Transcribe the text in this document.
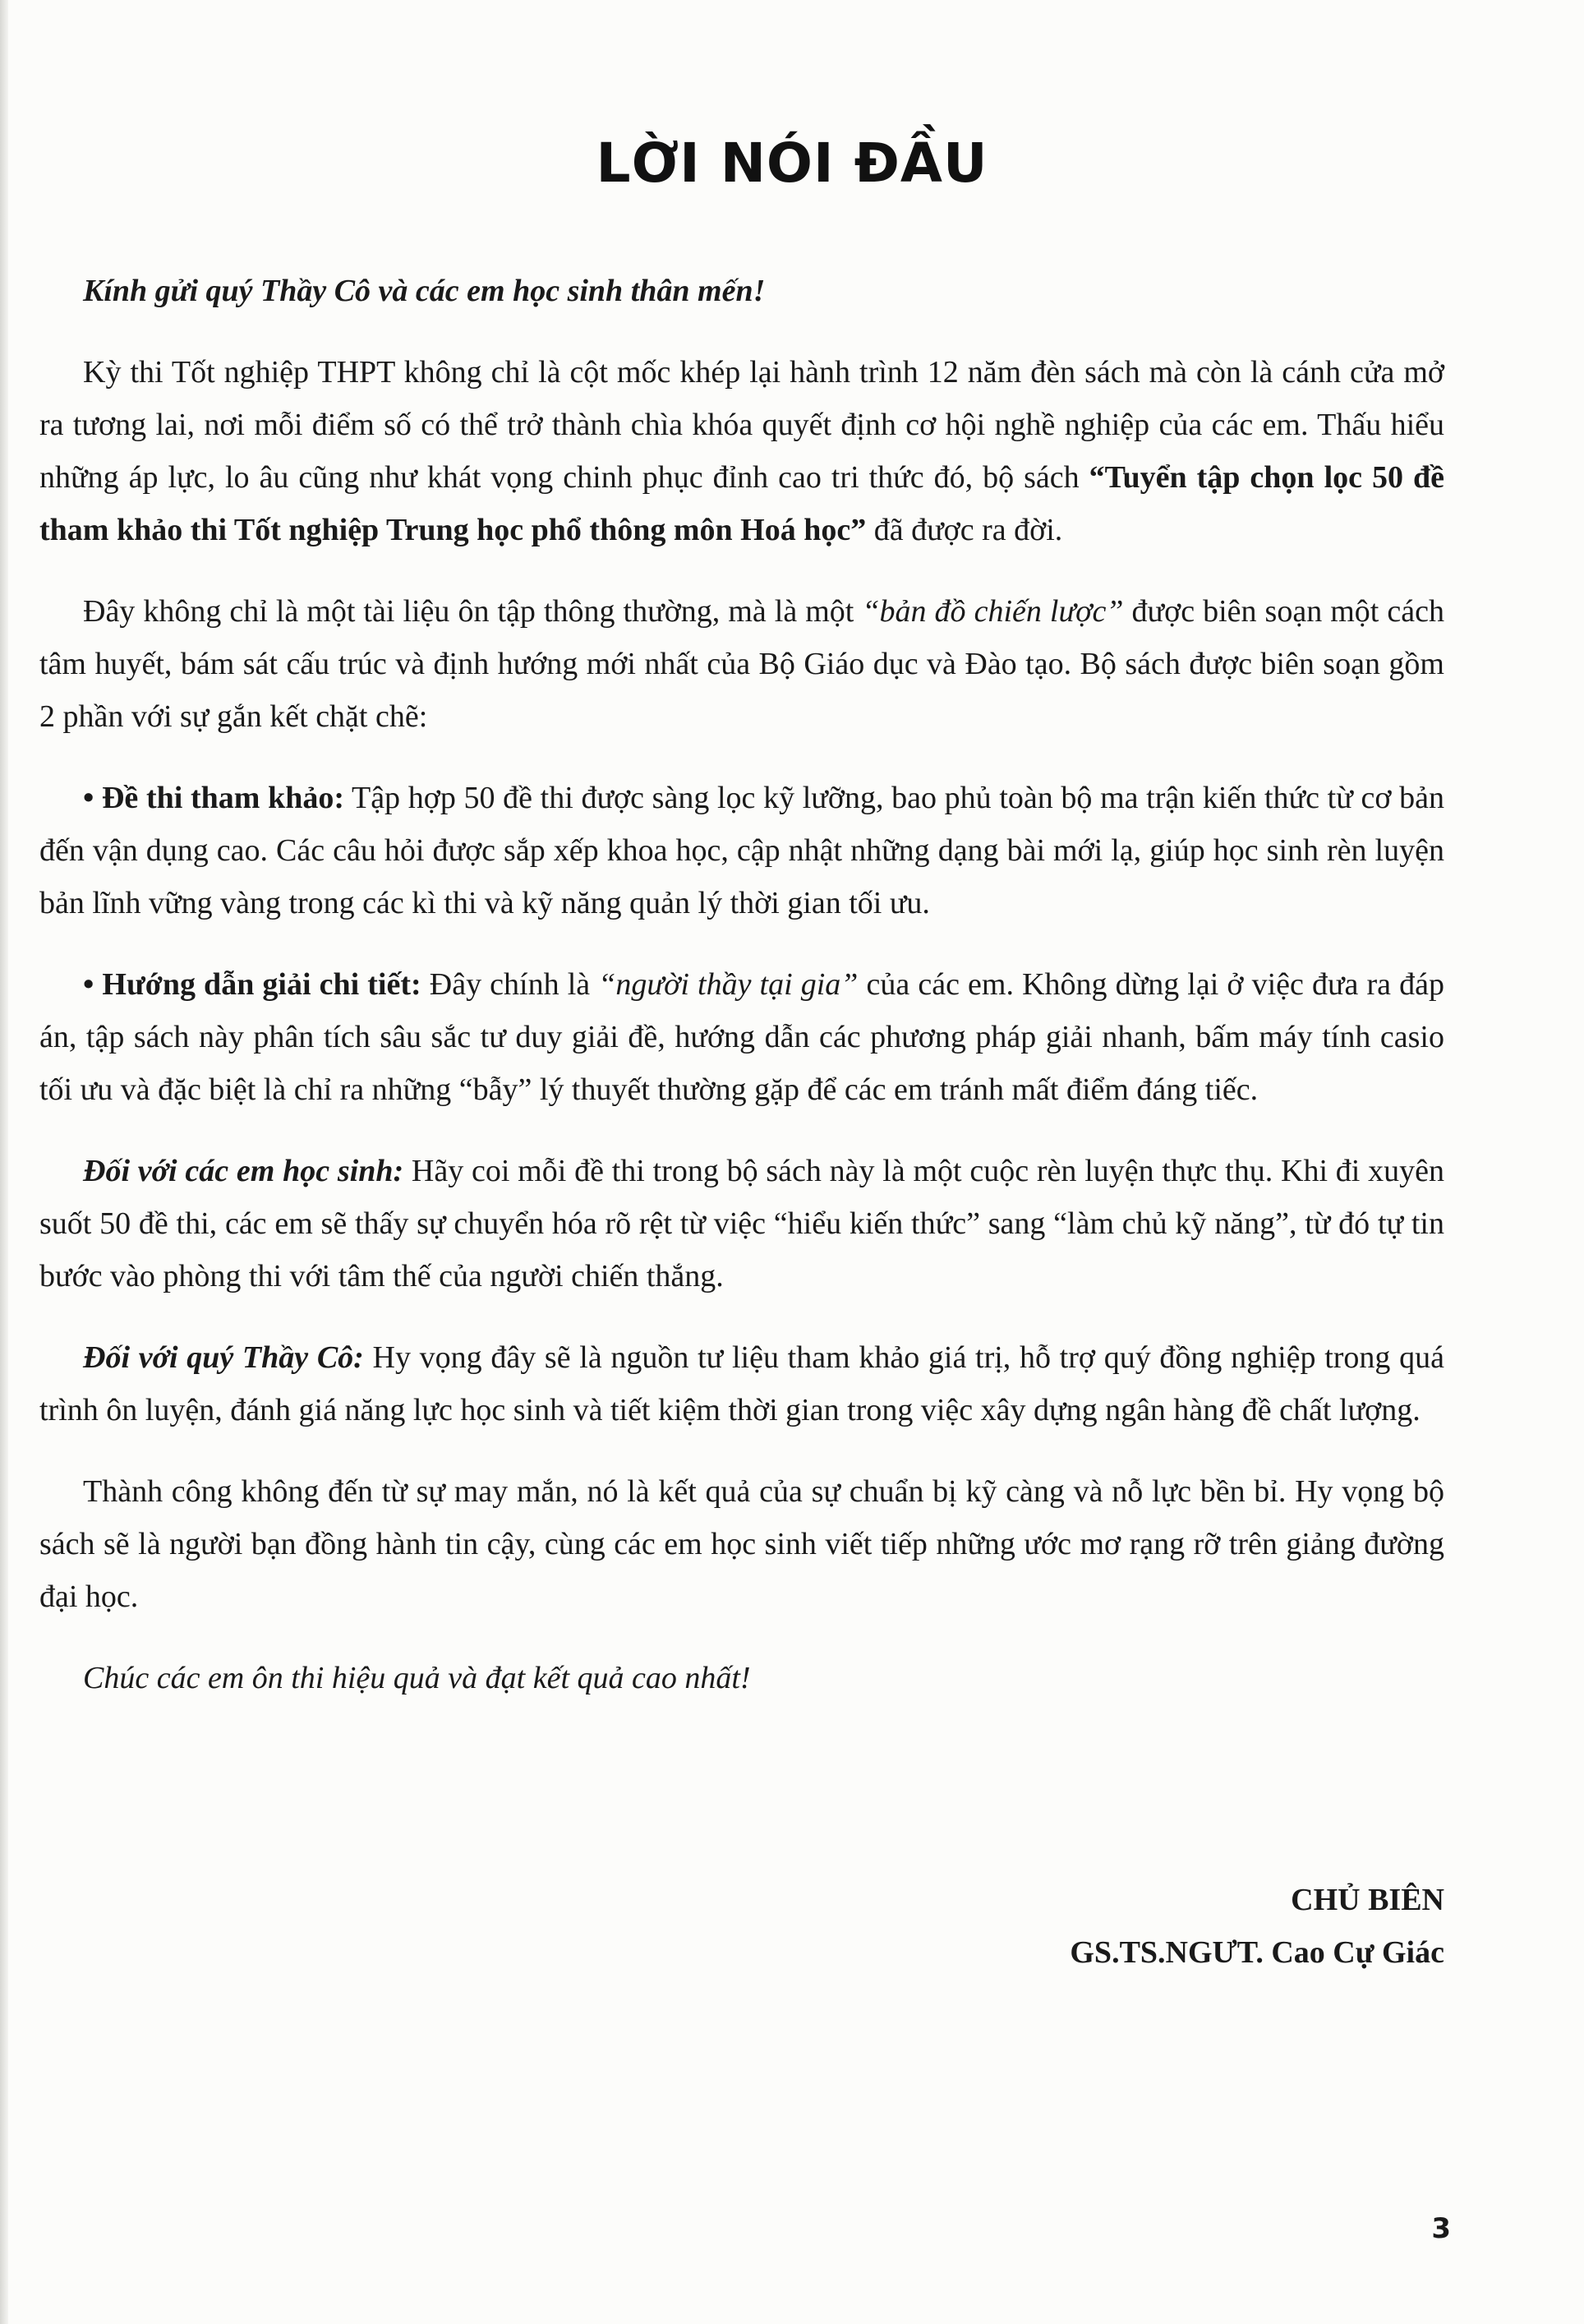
LỜI NÓI ĐẦU

Kính gửi quý Thầy Cô và các em học sinh thân mến!

Kỳ thi Tốt nghiệp THPT không chỉ là cột mốc khép lại hành trình 12 năm đèn sách mà còn là cánh cửa mở ra tương lai, nơi mỗi điểm số có thể trở thành chìa khóa quyết định cơ hội nghề nghiệp của các em. Thấu hiểu những áp lực, lo âu cũng như khát vọng chinh phục đỉnh cao tri thức đó, bộ sách “Tuyển tập chọn lọc 50 đề tham khảo thi Tốt nghiệp Trung học phổ thông môn Hoá học” đã được ra đời.

Đây không chỉ là một tài liệu ôn tập thông thường, mà là một “bản đồ chiến lược” được biên soạn một cách tâm huyết, bám sát cấu trúc và định hướng mới nhất của Bộ Giáo dục và Đào tạo. Bộ sách được biên soạn gồm 2 phần với sự gắn kết chặt chẽ:

• Đề thi tham khảo: Tập hợp 50 đề thi được sàng lọc kỹ lưỡng, bao phủ toàn bộ ma trận kiến thức từ cơ bản đến vận dụng cao. Các câu hỏi được sắp xếp khoa học, cập nhật những dạng bài mới lạ, giúp học sinh rèn luyện bản lĩnh vững vàng trong các kì thi và kỹ năng quản lý thời gian tối ưu.

• Hướng dẫn giải chi tiết: Đây chính là “người thầy tại gia” của các em. Không dừng lại ở việc đưa ra đáp án, tập sách này phân tích sâu sắc tư duy giải đề, hướng dẫn các phương pháp giải nhanh, bấm máy tính casio tối ưu và đặc biệt là chỉ ra những “bẫy” lý thuyết thường gặp để các em tránh mất điểm đáng tiếc.

Đối với các em học sinh: Hãy coi mỗi đề thi trong bộ sách này là một cuộc rèn luyện thực thụ. Khi đi xuyên suốt 50 đề thi, các em sẽ thấy sự chuyển hóa rõ rệt từ việc “hiểu kiến thức” sang “làm chủ kỹ năng”, từ đó tự tin bước vào phòng thi với tâm thế của người chiến thắng.

Đối với quý Thầy Cô: Hy vọng đây sẽ là nguồn tư liệu tham khảo giá trị, hỗ trợ quý đồng nghiệp trong quá trình ôn luyện, đánh giá năng lực học sinh và tiết kiệm thời gian trong việc xây dựng ngân hàng đề chất lượng.

Thành công không đến từ sự may mắn, nó là kết quả của sự chuẩn bị kỹ càng và nỗ lực bền bỉ. Hy vọng bộ sách sẽ là người bạn đồng hành tin cậy, cùng các em học sinh viết tiếp những ước mơ rạng rỡ trên giảng đường đại học.

Chúc các em ôn thi hiệu quả và đạt kết quả cao nhất!

CHỦ BIÊN
GS.TS.NGƯT. Cao Cự Giác
3
